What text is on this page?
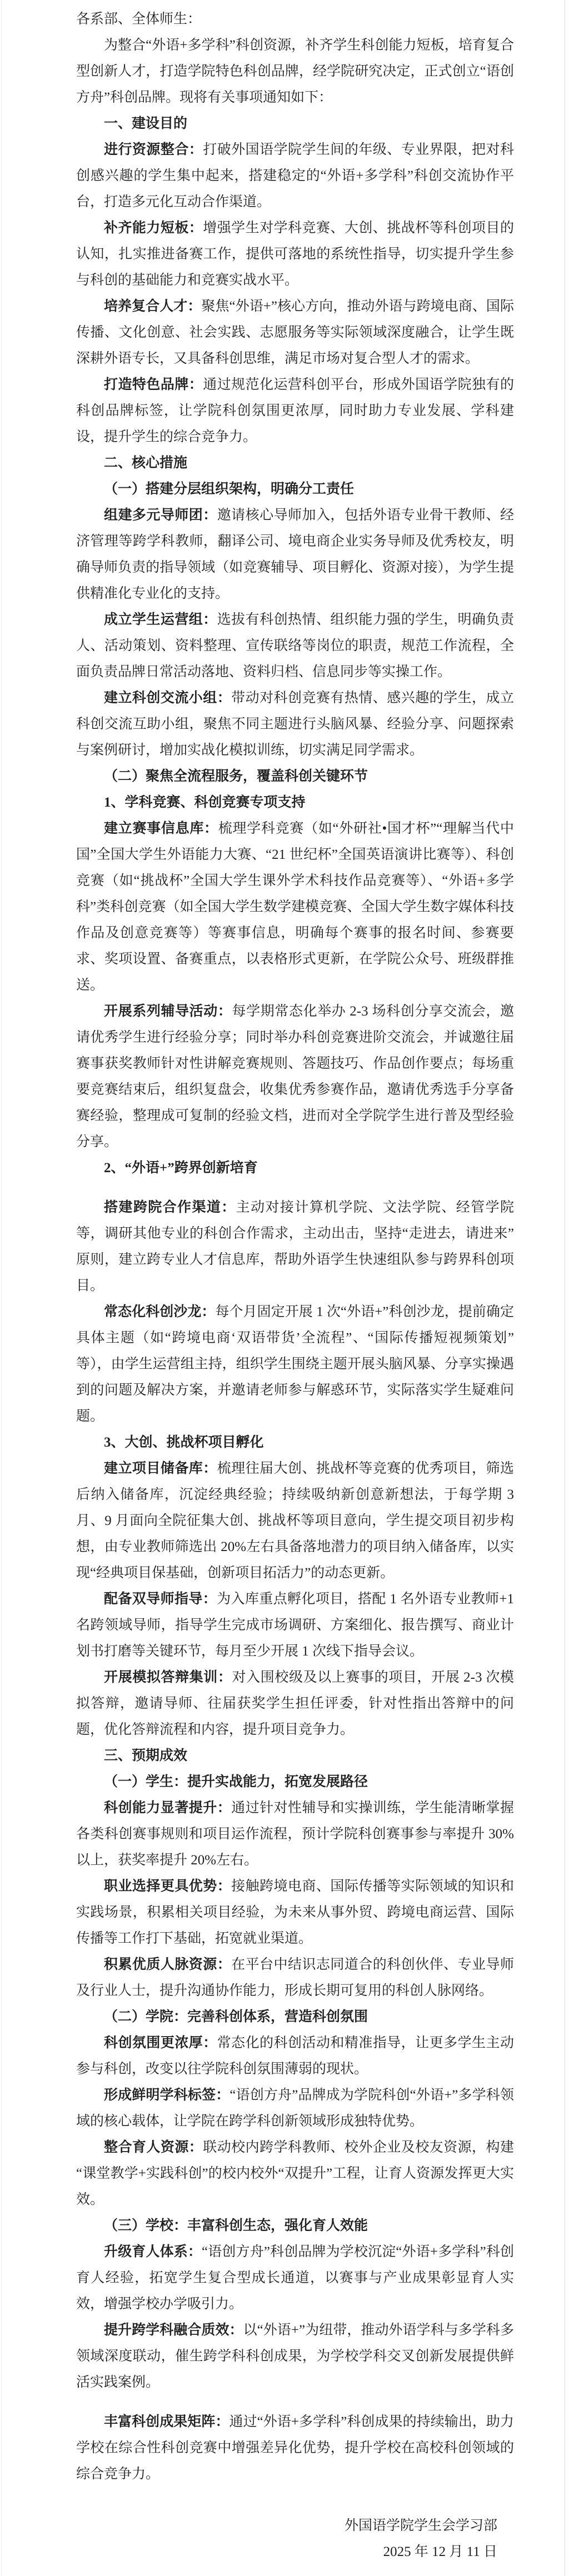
各系部、全体师生：

为整合“外语+多学科”科创资源，补齐学生科创能力短板，培育复合型创新人才，打造学院特色科创品牌，经学院研究决定，正式创立“语创方舟”科创品牌。现将有关事项通知如下：

一、建设目的

进行资源整合：打破外国语学院学生间的年级、专业界限，把对科创感兴趣的学生集中起来，搭建稳定的“外语+多学科”科创交流协作平台，打造多元化互动合作渠道。

补齐能力短板：增强学生对学科竞赛、大创、挑战杯等科创项目的认知，扎实推进备赛工作，提供可落地的系统性指导，切实提升学生参与科创的基础能力和竞赛实战水平。

培养复合人才：聚焦“外语+”核心方向，推动外语与跨境电商、国际传播、文化创意、社会实践、志愿服务等实际领域深度融合，让学生既深耕外语专长，又具备科创思维，满足市场对复合型人才的需求。

打造特色品牌：通过规范化运营科创平台，形成外国语学院独有的科创品牌标签，让学院科创氛围更浓厚，同时助力专业发展、学科建设，提升学生的综合竞争力。

二、核心措施

（一）搭建分层组织架构，明确分工责任

组建多元导师团：邀请核心导师加入，包括外语专业骨干教师、经济管理等跨学科教师，翻译公司、境电商企业实务导师及优秀校友，明确导师负责的指导领域（如竞赛辅导、项目孵化、资源对接），为学生提供精准化专业化的支持。

成立学生运营组：选拔有科创热情、组织能力强的学生，明确负责人、活动策划、资料整理、宣传联络等岗位的职责，规范工作流程，全面负责品牌日常活动落地、资料归档、信息同步等实操工作。

建立科创交流小组：带动对科创竞赛有热情、感兴趣的学生，成立科创交流互助小组，聚焦不同主题进行头脑风暴、经验分享、问题探索与案例研讨，增加实战化模拟训练，切实满足同学需求。

（二）聚焦全流程服务，覆盖科创关键环节

1、学科竞赛、科创竞赛专项支持

建立赛事信息库：梳理学科竞赛（如“外研社•国才杯”“理解当代中国”全国大学生外语能力大赛、“21 世纪杯”全国英语演讲比赛等）、科创竞赛（如“挑战杯”全国大学生课外学术科技作品竞赛等）、“外语+多学科”类科创竞赛（如全国大学生数学建模竞赛、全国大学生数字媒体科技作品及创意竞赛等）等赛事信息，明确每个赛事的报名时间、参赛要求、奖项设置、备赛重点，以表格形式更新，在学院公众号、班级群推送。

开展系列辅导活动：每学期常态化举办 2-3 场科创分享交流会，邀请优秀学生进行经验分享；同时举办科创竞赛进阶交流会，并诚邀往届赛事获奖教师针对性讲解竞赛规则、答题技巧、作品创作要点；每场重要竞赛结束后，组织复盘会，收集优秀参赛作品，邀请优秀选手分享备赛经验，整理成可复制的经验文档，进而对全学院学生进行普及型经验分享。

2、“外语+”跨界创新培育

搭建跨院合作渠道：主动对接计算机学院、文法学院、经管学院等，调研其他专业的科创合作需求，主动出击，坚持“走进去，请进来”原则，建立跨专业人才信息库，帮助外语学生快速组队参与跨界科创项目。

常态化科创沙龙：每个月固定开展 1 次“外语+”科创沙龙，提前确定具体主题（如“跨境电商‘双语带货’全流程”、“国际传播短视频策划”等），由学生运营组主持，组织学生围绕主题开展头脑风暴、分享实操遇到的问题及解决方案，并邀请老师参与解惑环节，实际落实学生疑难问题。

3、大创、挑战杯项目孵化

建立项目储备库：梳理往届大创、挑战杯等竞赛的优秀项目，筛选后纳入储备库，沉淀经典经验；持续吸纳新创意新想法，于每学期 3 月、9 月面向全院征集大创、挑战杯等项目意向，学生提交项目初步构想，由专业教师筛选出 20%左右具备落地潜力的项目纳入储备库，以实现“经典项目保基础，创新项目拓活力”的动态更新。

配备双导师指导：为入库重点孵化项目，搭配 1 名外语专业教师+1 名跨领域导师，指导学生完成市场调研、方案细化、报告撰写、商业计划书打磨等关键环节，每月至少开展 1 次线下指导会议。

开展模拟答辩集训：对入围校级及以上赛事的项目，开展 2-3 次模拟答辩，邀请导师、往届获奖学生担任评委，针对性指出答辩中的问题，优化答辩流程和内容，提升项目竞争力。

三、预期成效

（一）学生：提升实战能力，拓宽发展路径

科创能力显著提升：通过针对性辅导和实操训练，学生能清晰掌握各类科创赛事规则和项目运作流程，预计学院科创赛事参与率提升 30%以上，获奖率提升 20%左右。

职业选择更具优势：接触跨境电商、国际传播等实际领域的知识和实践场景，积累相关项目经验，为未来从事外贸、跨境电商运营、国际传播等工作打下基础，拓宽就业渠道。

积累优质人脉资源：在平台中结识志同道合的科创伙伴、专业导师及行业人士，提升沟通协作能力，形成长期可复用的科创人脉网络。

（二）学院：完善科创体系，营造科创氛围

科创氛围更浓厚：常态化的科创活动和精准指导，让更多学生主动参与科创，改变以往学院科创氛围薄弱的现状。

形成鲜明学科标签：“语创方舟”品牌成为学院科创“外语+”多学科领域的核心载体，让学院在跨学科创新领域形成独特优势。

整合育人资源：联动校内跨学科教师、校外企业及校友资源，构建“课堂教学+实践科创”的校内校外“双提升”工程，让育人资源发挥更大实效。

（三）学校：丰富科创生态，强化育人效能

升级育人体系：“语创方舟”科创品牌为学校沉淀“外语+多学科”科创育人经验，拓宽学生复合型成长通道，以赛事与产业成果彰显育人实效，增强学校办学吸引力。

提升跨学科融合质效：以“外语+”为纽带，推动外语学科与多学科多领域深度联动，催生跨学科科创成果，为学校学科交叉创新发展提供鲜活实践案例。

丰富科创成果矩阵：通过“外语+多学科”科创成果的持续输出，助力学校在综合性科创竞赛中增强差异化优势，提升学校在高校科创领域的综合竞争力。

外国语学院学生会学习部

2025 年 12 月 11 日
